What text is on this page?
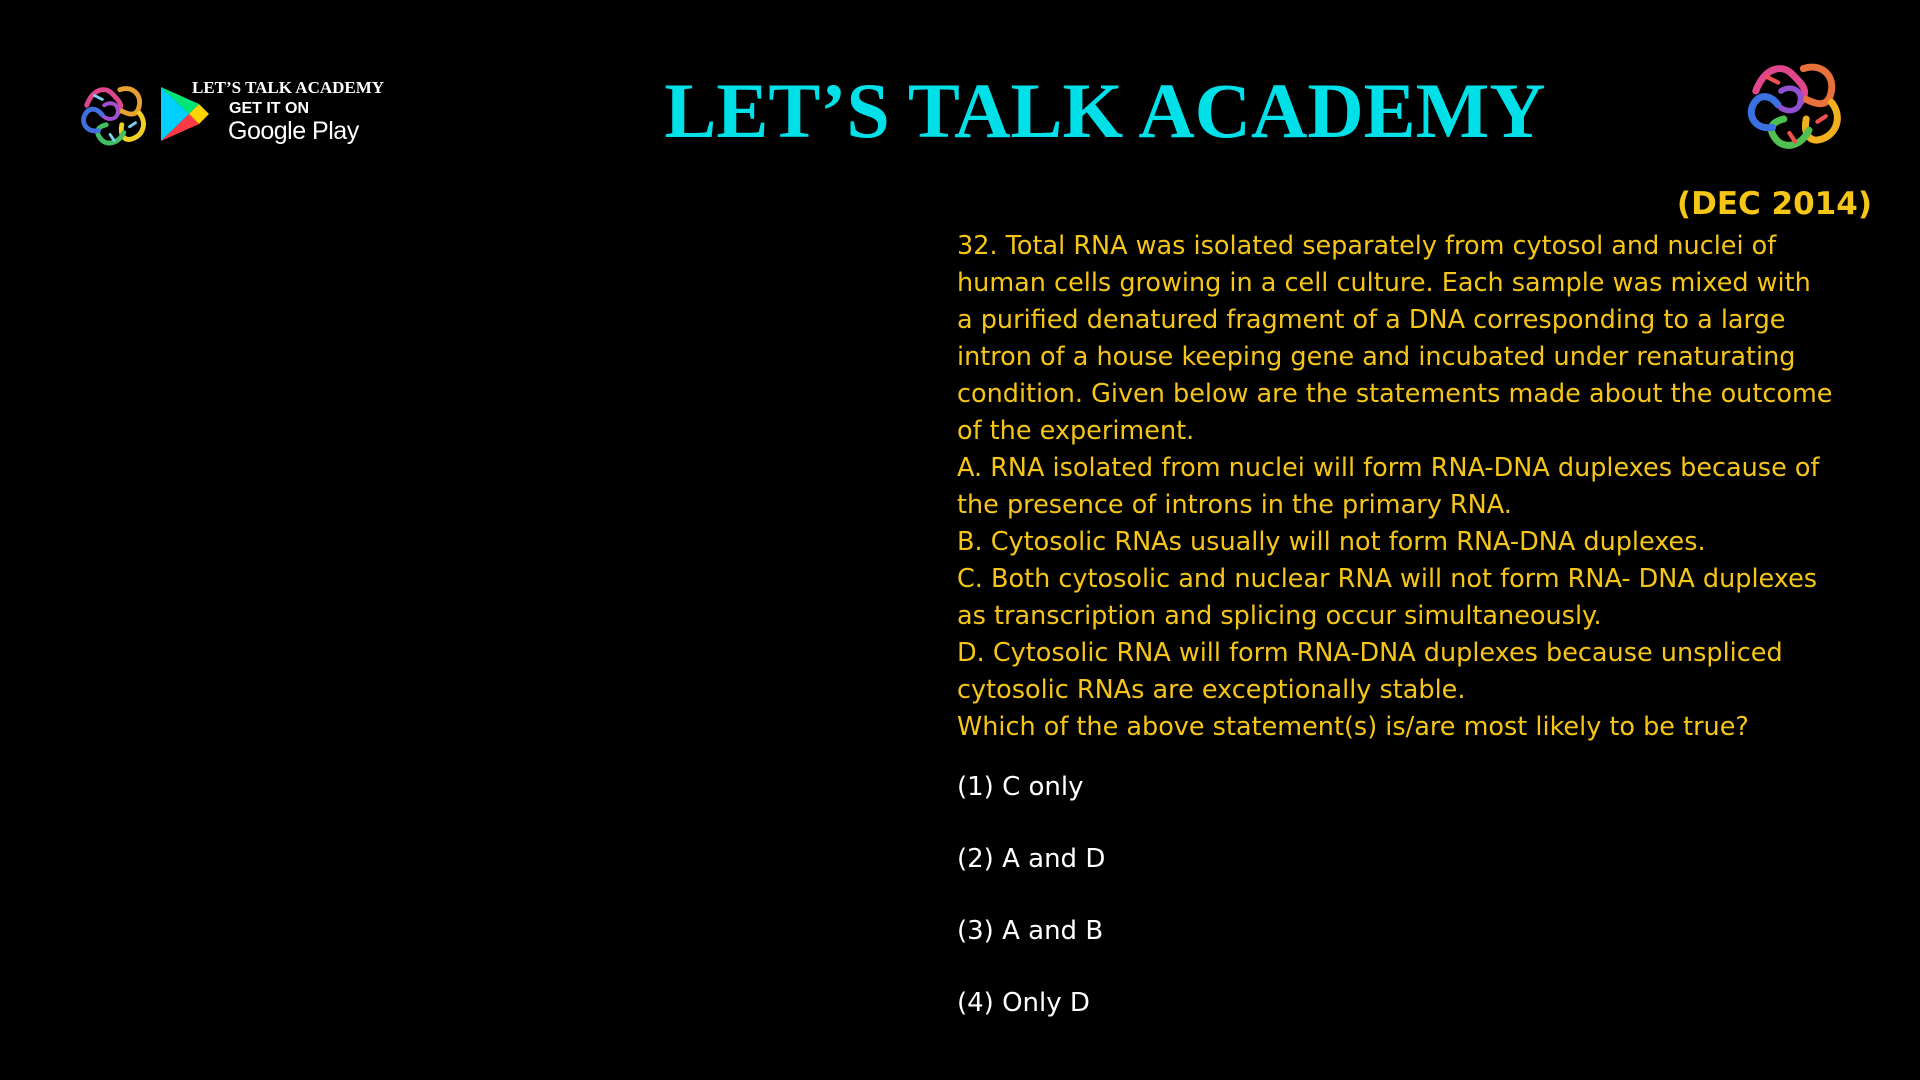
LET’S TALK ACADEMY
GET IT ON
Google Play	LET’S TALK ACADEMY
(DEC 2014)
32. Total RNA was isolated separately from cytosol and nuclei of
human cells growing in a cell culture. Each sample was mixed with
a purified denatured fragment of a DNA corresponding to a large
intron of a house keeping gene and incubated under renaturating
condition. Given below are the statements made about the outcome
of the experiment.
A. RNA isolated from nuclei will form RNA-DNA duplexes because of
the presence of introns in the primary RNA.
B. Cytosolic RNAs usually will not form RNA-DNA duplexes.
C. Both cytosolic and nuclear RNA will not form RNA- DNA duplexes
as transcription and splicing occur simultaneously.
D. Cytosolic RNA will form RNA-DNA duplexes because unspliced
cytosolic RNAs are exceptionally stable.
Which of the above statement(s) is/are most likely to be true?
(1) C only
(2) A and D
(3) A and B
(4) Only D
